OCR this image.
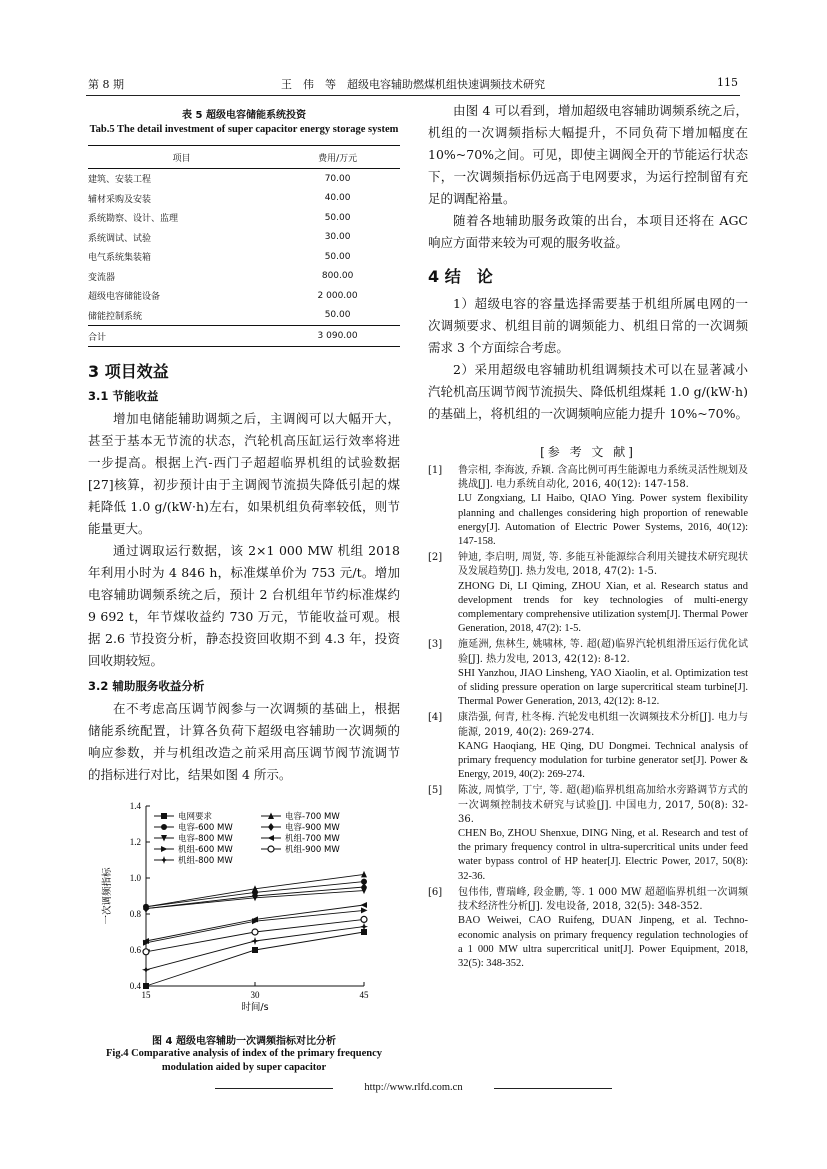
第 8 期	王　伟　等　超级电容辅助燃煤机组快速调频技术研究	115
表 5 超级电容储能系统投资
Tab.5 The detail investment of super capacitor energy storage system
项目	费用/万元
建筑、安装工程	70.00
辅材采购及安装	40.00
系统勘察、设计、监理	50.00
系统调试、试验	30.00
电气系统集装箱	50.00
变流器	800.00
超级电容储能设备	2 000.00
储能控制系统	50.00
合计	3 090.00
3 项目效益
3.1 节能收益

增加电储能辅助调频之后，主调阀可以大幅开大，甚至于基本无节流的状态，汽轮机高压缸运行效率将进一步提高。根据上汽-西门子超超临界机组的试验数据[27]核算，初步预计由于主调阀节流损失降低引起的煤耗降低 1.0 g/(kW·h)左右，如果机组负荷率较低，则节能量更大。

通过调取运行数据，该 2×1 000 MW 机组 2018 年利用小时为 4 846 h，标准煤单价为 753 元/t。增加电容辅助调频系统之后，预计 2 台机组年节约标准煤约 9 692 t，年节煤收益约 730 万元，节能收益可观。根据 2.6 节投资分析，静态投资回收期不到 4.3 年，投资回收期较短。

3.2 辅助服务收益分析

在不考虑高压调节阀参与一次调频的基础上，根据储能系统配置，计算各负荷下超级电容辅助一次调频的响应参数，并与机组改造之前采用高压调节阀节流调节的指标进行对比，结果如图 4 所示。

0.4
0.6
0.8
1.0
1.2
1.4
15	30	45
时间/s
一次调频指标
电网要求
电容-600 MW
电容-800 MW
机组-600 MW
机组-800 MW
电容-700 MW
电容-900 MW
机组-700 MW
机组-900 MW
图 4 超级电容辅助一次调频指标对比分析
Fig.4 Comparative analysis of index of the primary frequency modulation aided by super capacitor

由图 4 可以看到，增加超级电容辅助调频系统之后，机组的一次调频指标大幅提升，不同负荷下增加幅度在 10%~70%之间。可见，即使主调阀全开的节能运行状态下，一次调频指标仍远高于电网要求，为运行控制留有充足的调配裕量。

随着各地辅助服务政策的出台，本项目还将在 AGC 响应方面带来较为可观的服务收益。

4 结　论

1）超级电容的容量选择需要基于机组所属电网的一次调频要求、机组目前的调频能力、机组日常的一次调频需求 3 个方面综合考虑。

2）采用超级电容辅助机组调频技术可以在显著减小汽轮机高压调节阀节流损失、降低机组煤耗 1.0 g/(kW·h)的基础上，将机组的一次调频响应能力提升 10%~70%。

[参 考 文 献]
[1] 鲁宗相, 李海波, 乔颖. 含高比例可再生能源电力系统灵活性规划及挑战[J]. 电力系统自动化, 2016, 40(12): 147-158.
LU Zongxiang, LI Haibo, QIAO Ying. Power system flexibility planning and challenges considering high proportion of renewable energy[J]. Automation of Electric Power Systems, 2016, 40(12): 147-158.
[2] 钟迪, 李启明, 周贤, 等. 多能互补能源综合利用关键技术研究现状及发展趋势[J]. 热力发电, 2018, 47(2): 1-5.
ZHONG Di, LI Qiming, ZHOU Xian, et al. Research status and development trends for key technologies of multi-energy complementary comprehensive utilization system[J]. Thermal Power Generation, 2018, 47(2): 1-5.
[3] 施延洲, 焦林生, 姚啸林, 等. 超(超)临界汽轮机组滑压运行优化试验[J]. 热力发电, 2013, 42(12): 8-12.
SHI Yanzhou, JIAO Linsheng, YAO Xiaolin, et al. Optimization test of sliding pressure operation on large supercritical steam turbine[J]. Thermal Power Generation, 2013, 42(12): 8-12.
[4] 康浩强, 何青, 杜冬梅. 汽轮发电机组一次调频技术分析[J]. 电力与能源, 2019, 40(2): 269-274.
KANG Haoqiang, HE Qing, DU Dongmei. Technical analysis of primary frequency modulation for turbine generator set[J]. Power & Energy, 2019, 40(2): 269-274.
[5] 陈波, 周慎学, 丁宁, 等. 超(超)临界机组高加给水旁路调节方式的一次调频控制技术研究与试验[J]. 中国电力, 2017, 50(8): 32-36.
CHEN Bo, ZHOU Shenxue, DING Ning, et al. Research and test of the primary frequency control in ultra-supercritical units under feed water bypass control of HP heater[J]. Electric Power, 2017, 50(8): 32-36.
[6] 包伟伟, 曹瑞峰, 段金鹏, 等. 1 000 MW 超超临界机组一次调频技术经济性分析[J]. 发电设备, 2018, 32(5): 348-352.
BAO Weiwei, CAO Ruifeng, DUAN Jinpeng, et al. Techno-economic analysis on primary frequency regulation technologies of a 1 000 MW ultra supercritical unit[J]. Power Equipment, 2018, 32(5): 348-352.
http://www.rlfd.com.cn
